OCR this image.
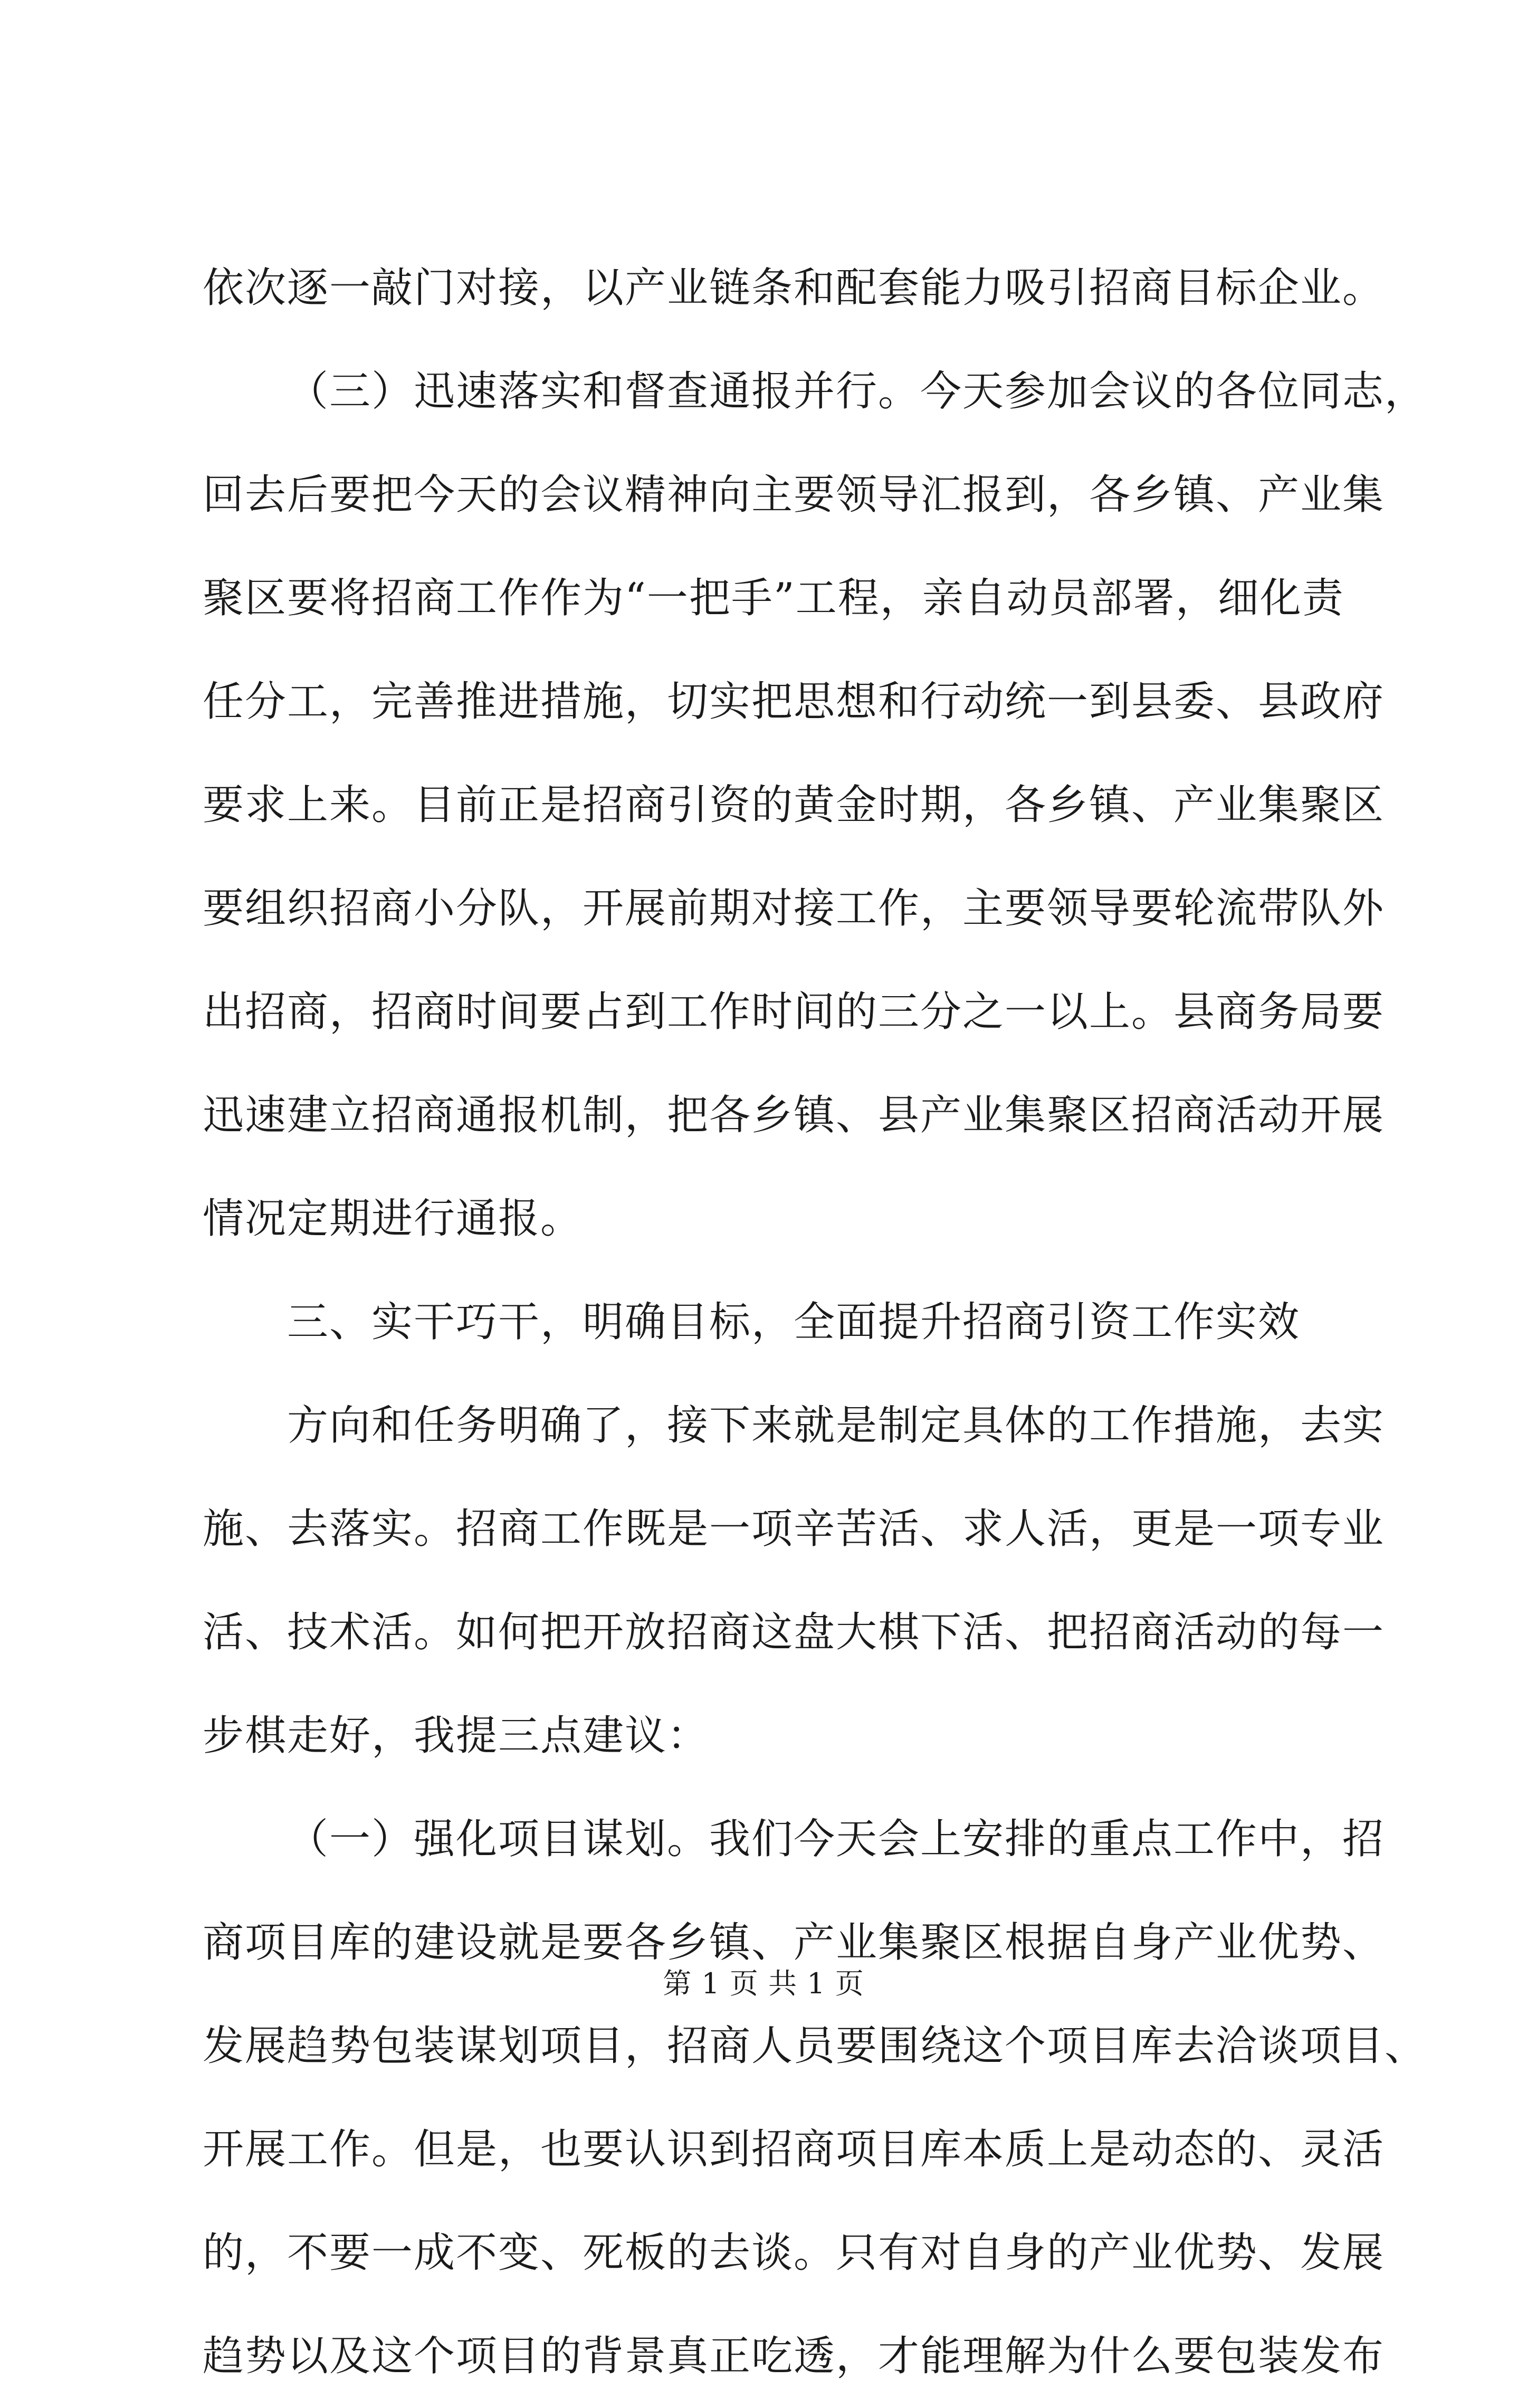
依次逐一敲门对接，以产业链条和配套能力吸引招商目标企业。
（三）迅速落实和督查通报并行。今天参加会议的各位同志，
回去后要把今天的会议精神向主要领导汇报到，各乡镇、产业集
聚区要将招商工作作为“一把手”工程，亲自动员部署，细化责
任分工，完善推进措施，切实把思想和行动统一到县委、县政府
要求上来。目前正是招商引资的黄金时期，各乡镇、产业集聚区
要组织招商小分队，开展前期对接工作，主要领导要轮流带队外
出招商，招商时间要占到工作时间的三分之一以上。县商务局要
迅速建立招商通报机制，把各乡镇、县产业集聚区招商活动开展
情况定期进行通报。
三、实干巧干，明确目标，全面提升招商引资工作实效
方向和任务明确了，接下来就是制定具体的工作措施，去实
施、去落实。招商工作既是一项辛苦活、求人活，更是一项专业
活、技术活。如何把开放招商这盘大棋下活、把招商活动的每一
步棋走好，我提三点建议：
（一）强化项目谋划。我们今天会上安排的重点工作中，招
商项目库的建设就是要各乡镇、产业集聚区根据自身产业优势、
发展趋势包装谋划项目，招商人员要围绕这个项目库去洽谈项目、
开展工作。但是，也要认识到招商项目库本质上是动态的、灵活
的，不要一成不变、死板的去谈。只有对自身的产业优势、发展
趋势以及这个项目的背景真正吃透，才能理解为什么要包装发布
第 1 页 共 1 页
